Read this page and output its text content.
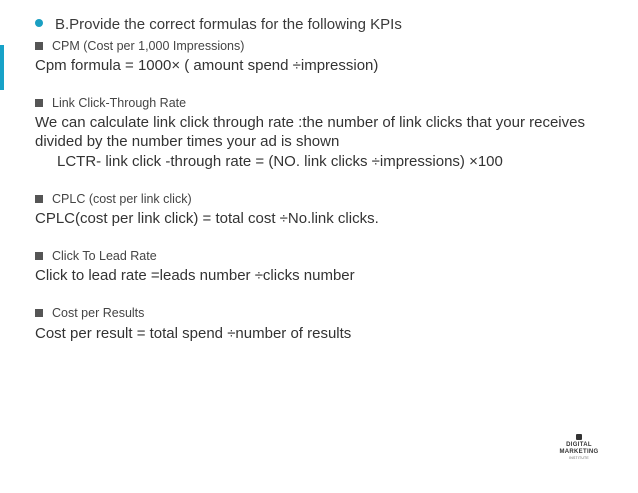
B.Provide the correct formulas for the following KPIs
CPM (Cost per 1,000 Impressions)
Cpm formula = 1000× ( amount spend ÷impression)
Link Click-Through Rate
We can calculate link click through rate :the number of link clicks that your receives
divided by the number times your ad is shown
LCTR- link click -through rate = (NO. link clicks ÷impressions) ×100
CPLC (cost per link click)
CPLC(cost per link click) = total cost ÷No.link clicks.
Click To Lead Rate
Click to lead rate =leads number ÷clicks number
Cost per Results
Cost per result = total spend ÷number of results
DIGITAL MARKETING
INSTITUTE
